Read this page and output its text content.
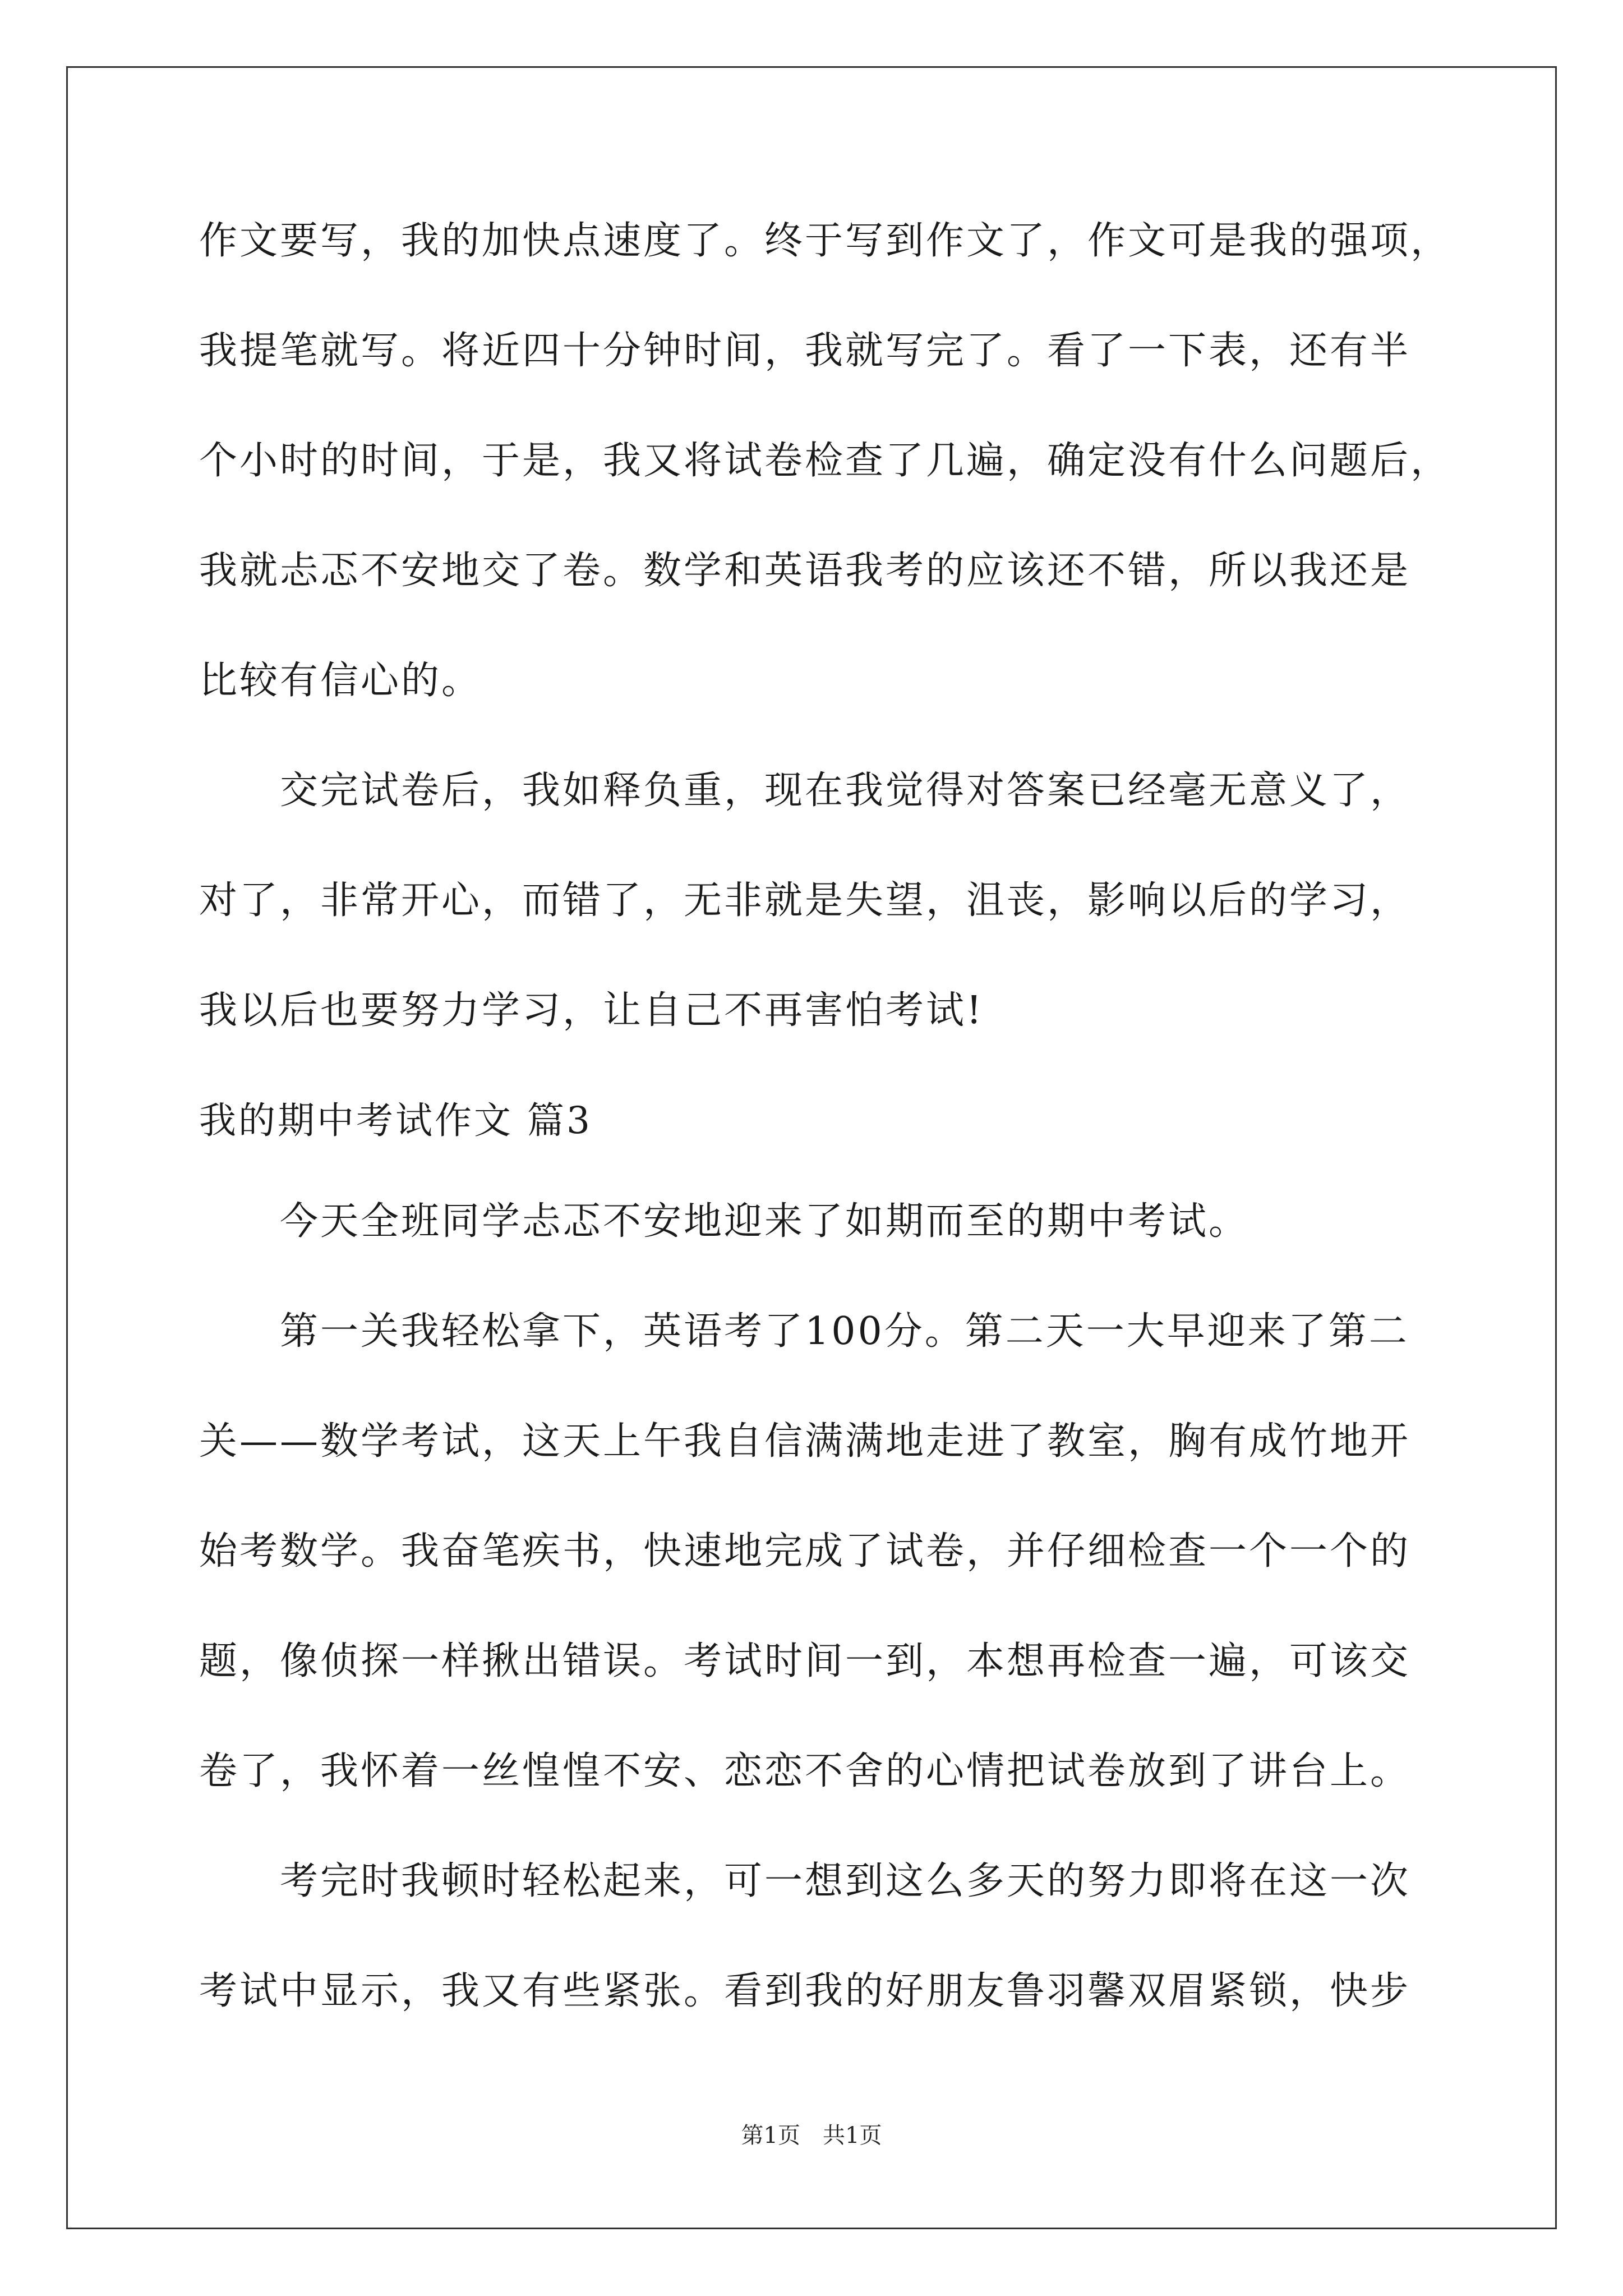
作文要写，我的加快点速度了。终于写到作文了，作文可是我的强项，
我提笔就写。将近四十分钟时间，我就写完了。看了一下表，还有半
个小时的时间，于是，我又将试卷检查了几遍，确定没有什么问题后，
我就忐忑不安地交了卷。数学和英语我考的应该还不错，所以我还是
比较有信心的。
　　交完试卷后，我如释负重，现在我觉得对答案已经毫无意义了，
对了，非常开心，而错了，无非就是失望，沮丧，影响以后的学习，
我以后也要努力学习，让自己不再害怕考试!
我的期中考试作文 篇3
　　今天全班同学忐忑不安地迎来了如期而至的期中考试。
　　第一关我轻松拿下，英语考了100分。第二天一大早迎来了第二
关——数学考试，这天上午我自信满满地走进了教室，胸有成竹地开
始考数学。我奋笔疾书，快速地完成了试卷，并仔细检查一个一个的
题，像侦探一样揪出错误。考试时间一到，本想再检查一遍，可该交
卷了，我怀着一丝惶惶不安、恋恋不舍的心情把试卷放到了讲台上。
　　考完时我顿时轻松起来，可一想到这么多天的努力即将在这一次
考试中显示，我又有些紧张。看到我的好朋友鲁羽馨双眉紧锁，快步
第1页　共1页
